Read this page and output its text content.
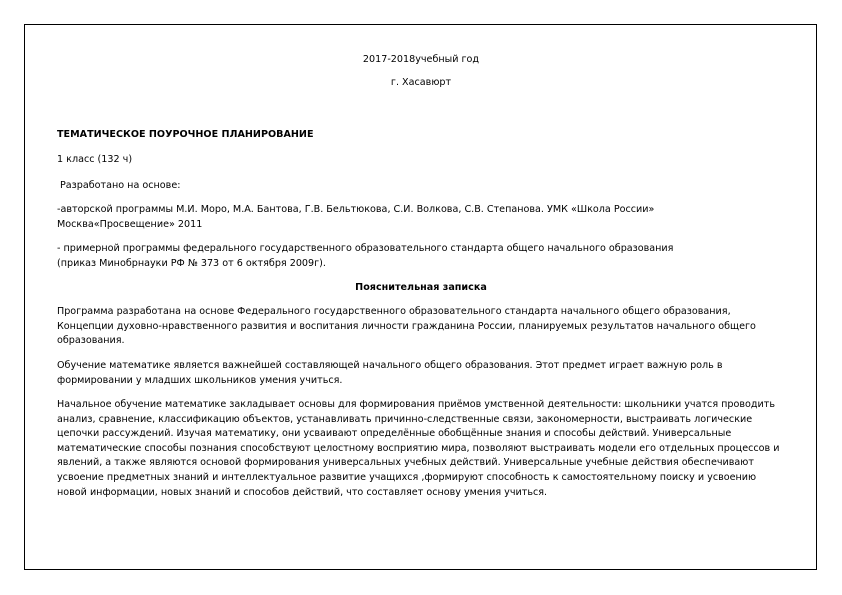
2017-2018учебный год
г. Хасавюрт
ТЕМАТИЧЕСКОЕ ПОУРОЧНОЕ ПЛАНИРОВАНИЕ
1 класс (132 ч)
Разработано на основе:
-авторской программы М.И. Моро, М.А. Бантова, Г.В. Бельтюкова, С.И. Волкова, С.В. Степанова. УМК «Школа России»
Москва«Просвещение» 2011
- примерной программы федерального государственного образовательного стандарта общего начального образования
(приказ Минобрнауки РФ № 373 от 6 октября 2009г).
Пояснительная записка

Программа разработана на основе Федерального государственного образовательного стандарта начального общего образования, Концепции духовно-нравственного развития и воспитания личности гражданина России, планируемых результатов начального общего образования.

Обучение математике является важнейшей составляющей начального общего образования. Этот предмет играет важную роль в формировании у младших школьников умения учиться.

Начальное обучение математике закладывает основы для формирования приёмов умственной деятельности: школьники учатся проводить анализ, сравнение, классификацию объектов, устанавливать причинно-следственные связи, закономерности, выстраивать логические цепочки рассуждений. Изучая математику, они усваивают определённые обобщённые знания и способы действий. Универсальные математические способы познания способствуют целостному восприятию мира, позволяют выстраивать модели его отдельных процессов и явлений, а также являются основой формирования универсальных учебных действий. Универсальные учебные действия обеспечивают усвоение предметных знаний и интеллектуальное развитие учащихся ,формируют способность к самостоятельному поиску и усвоению новой информации, новых знаний и способов действий, что составляет основу умения учиться.
